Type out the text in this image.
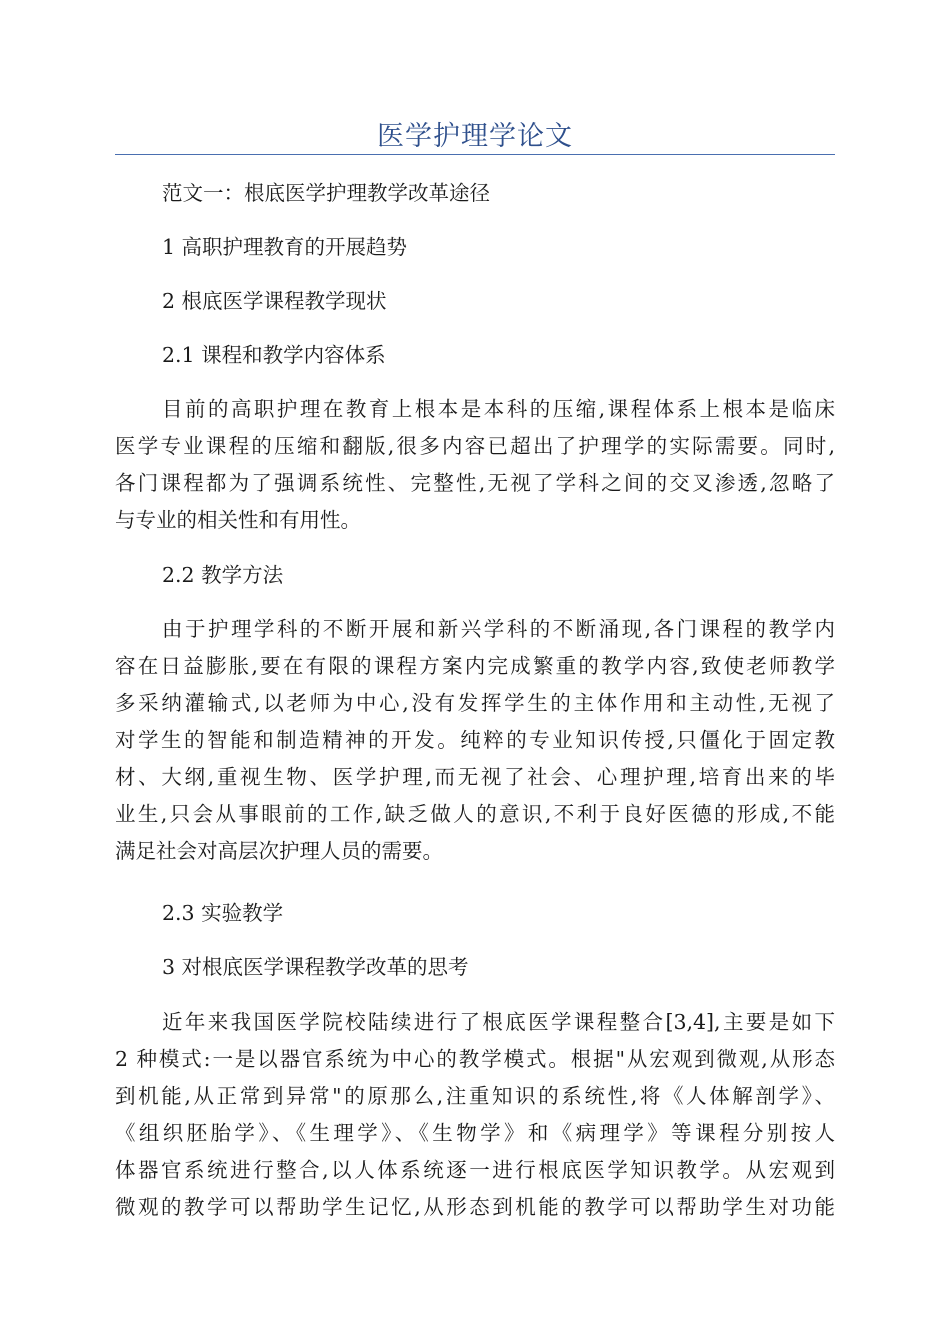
医学护理学论文
范文一：根底医学护理教学改革途径
1 高职护理教育的开展趋势
2 根底医学课程教学现状
2.1 课程和教学内容体系
目前的高职护理在教育上根本是本科的压缩,课程体系上根本是临床
医学专业课程的压缩和翻版,很多内容已超出了护理学的实际需要。同时,
各门课程都为了强调系统性、完整性,无视了学科之间的交叉渗透,忽略了
与专业的相关性和有用性。
2.2 教学方法
由于护理学科的不断开展和新兴学科的不断涌现,各门课程的教学内
容在日益膨胀,要在有限的课程方案内完成繁重的教学内容,致使老师教学
多采纳灌输式,以老师为中心,没有发挥学生的主体作用和主动性,无视了
对学生的智能和制造精神的开发。纯粹的专业知识传授,只僵化于固定教
材、大纲,重视生物、医学护理,而无视了社会、心理护理,培育出来的毕
业生,只会从事眼前的工作,缺乏做人的意识,不利于良好医德的形成,不能
满足社会对高层次护理人员的需要。
2.3 实验教学
3 对根底医学课程教学改革的思考
近年来我国医学院校陆续进行了根底医学课程整合[3,4],主要是如下
2 种模式:一是以器官系统为中心的教学模式。根据"从宏观到微观,从形态
到机能,从正常到异常"的原那么,注重知识的系统性,将《人体解剖学》、
《组织胚胎学》、《生理学》、《生物学》和《病理学》等课程分别按人
体器官系统进行整合,以人体系统逐一进行根底医学知识教学。从宏观到
微观的教学可以帮助学生记忆,从形态到机能的教学可以帮助学生对功能
